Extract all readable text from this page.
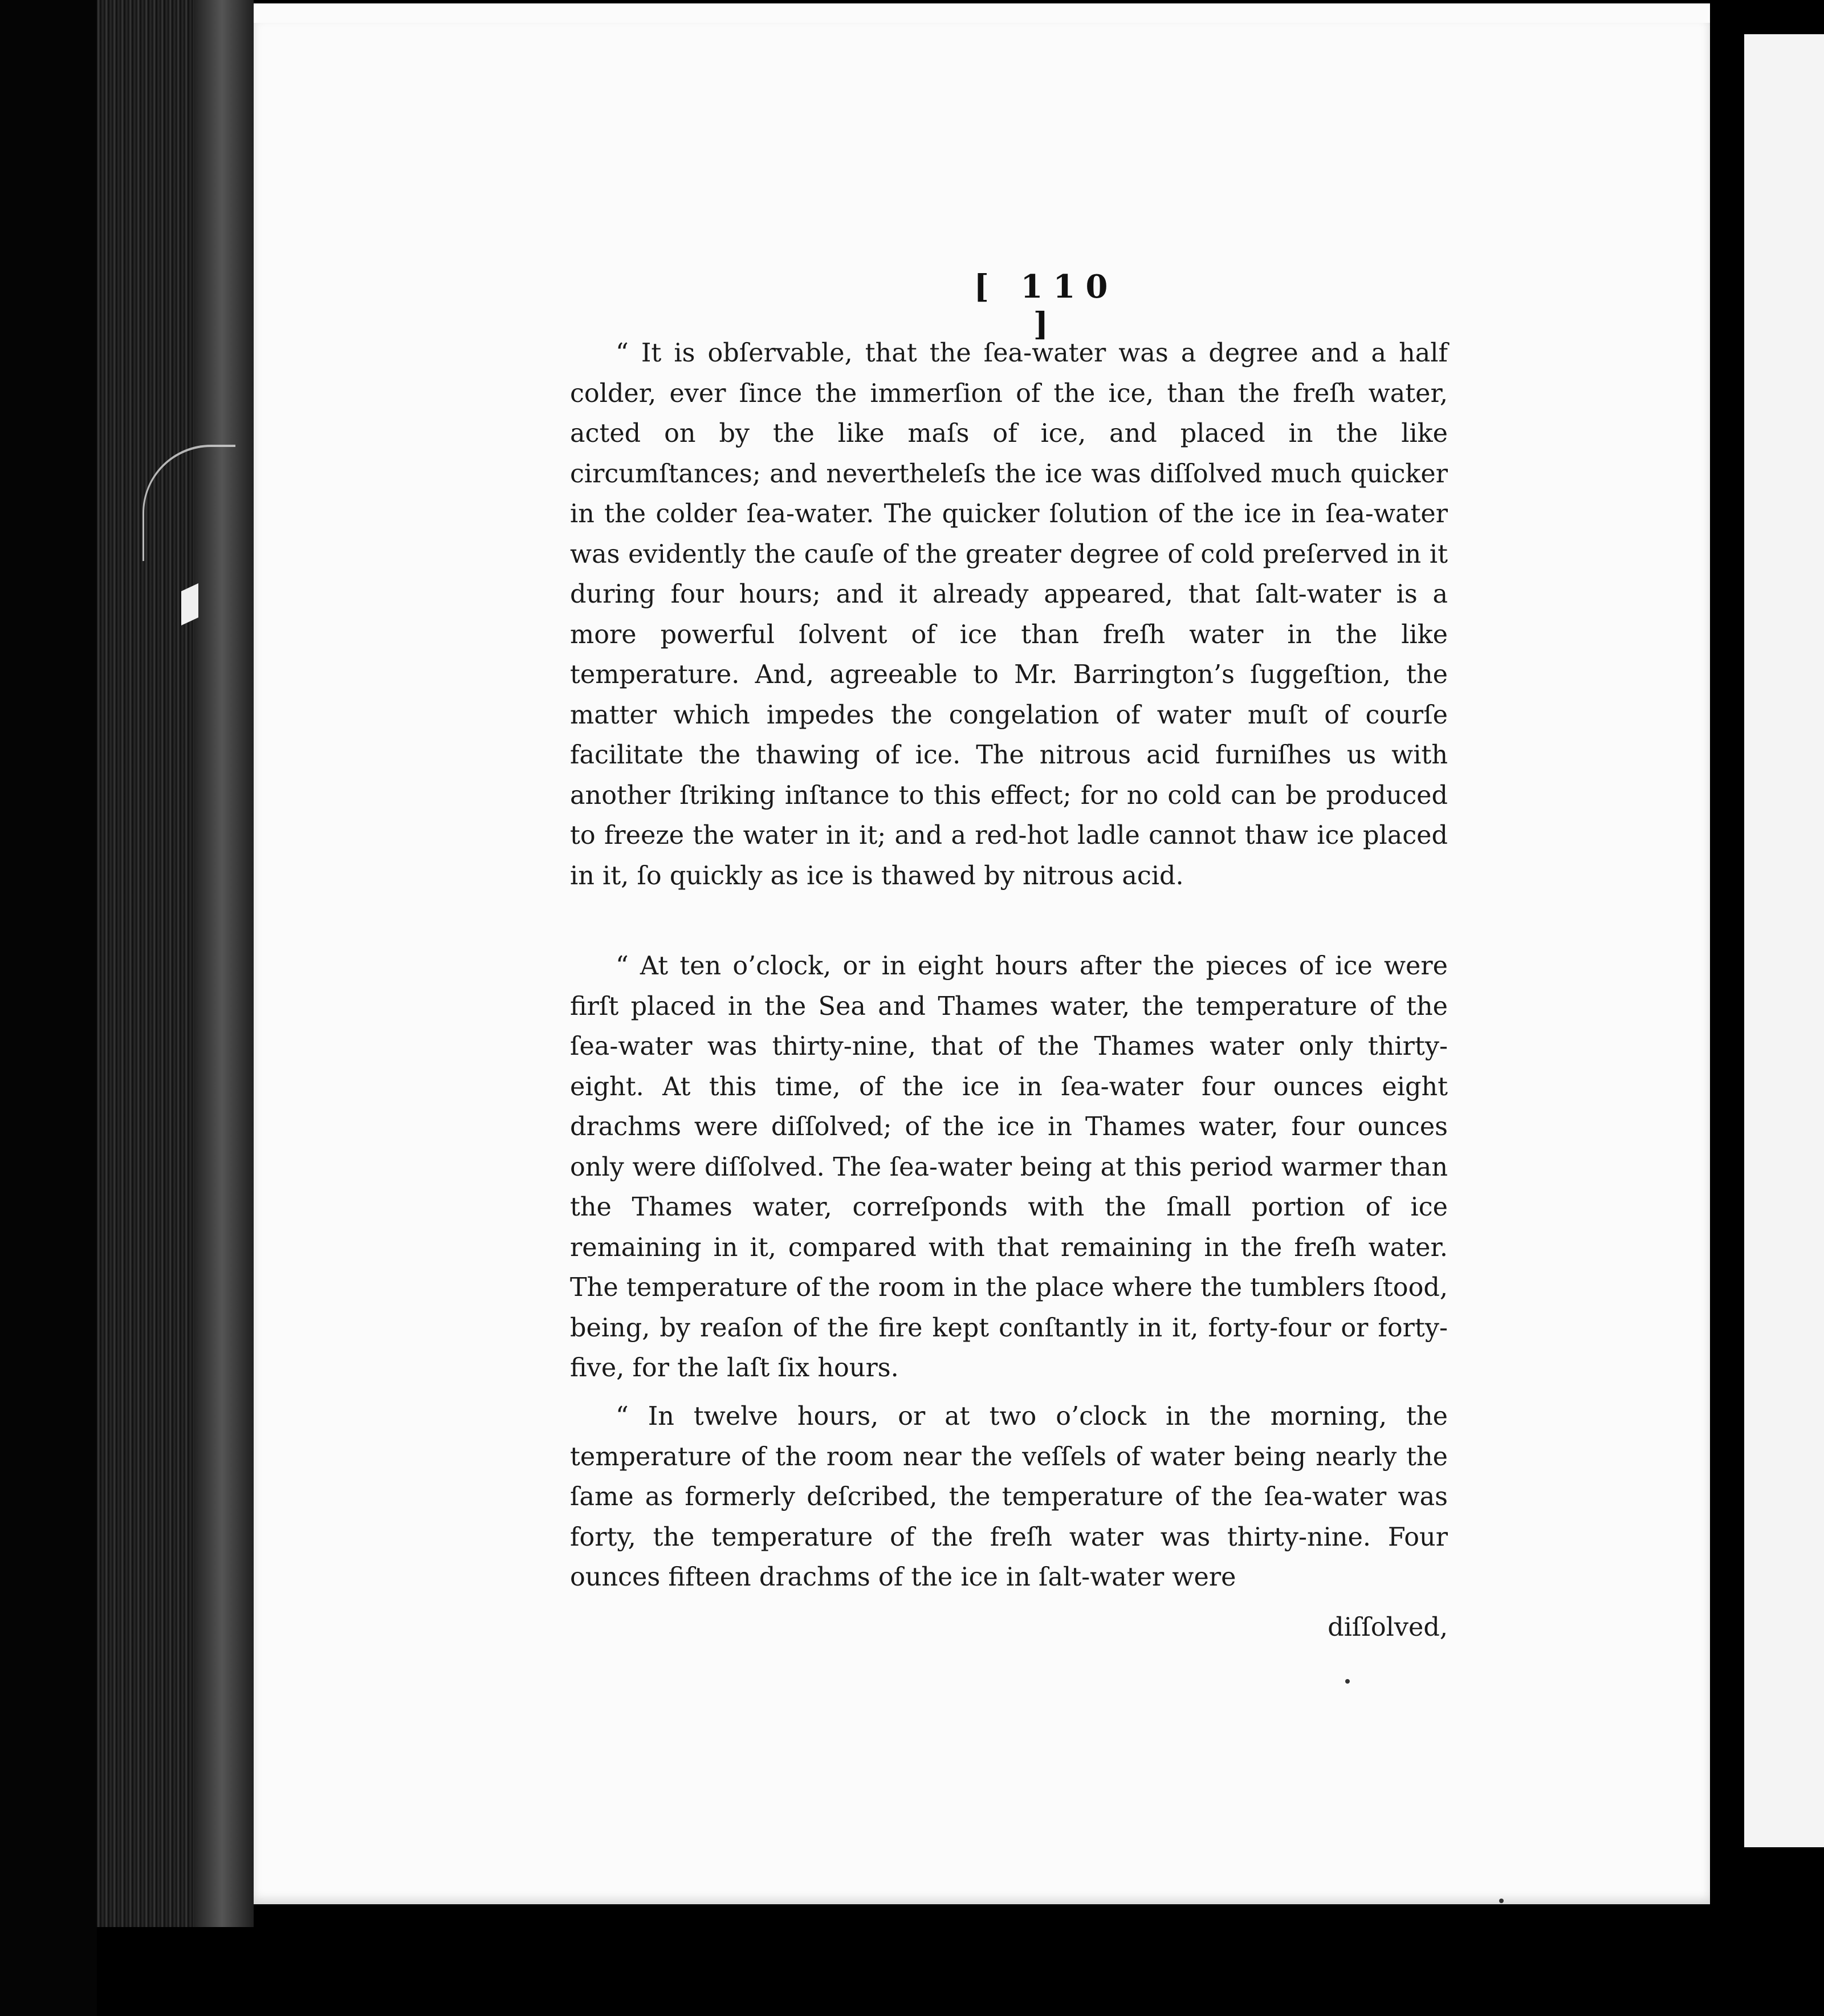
[ 110 ]

“ It is obſervable, that the ſea-water was a degree and a half colder, ever ſince the immerſion of the ice, than the freſh water, acted on by the like maſs of ice, and placed in the like circumſtances; and nevertheleſs the ice was diſſolved much quicker in the colder ſea-water. The quicker ſolution of the ice in ſea-water was evidently the cauſe of the greater degree of cold preſerved in it during four hours; and it already appeared, that ſalt-water is a more powerful ſolvent of ice than freſh water in the like temperature. And, agreeable to Mr. Barrington’s ſuggeſtion, the matter which impedes the congelation of water muſt of courſe facilitate the thawing of ice. The nitrous acid furniſhes us with another ſtriking inſtance to this effect; for no cold can be produced to freeze the water in it; and a red-hot ladle cannot thaw ice placed in it, ſo quickly as ice is thawed by nitrous acid.

“ At ten o’clock, or in eight hours after the pieces of ice were firſt placed in the Sea and Thames water, the temperature of the ſea-water was thirty-nine, that of the Thames water only thirty-eight. At this time, of the ice in ſea-water four ounces eight drachms were diſſolved; of the ice in Thames water, four ounces only were diſſolved. The ſea-water being at this period warmer than the Thames water, correſponds with the ſmall portion of ice remaining in it, compared with that remaining in the freſh water. The temperature of the room in the place where the tumblers ſtood, being, by reaſon of the fire kept conſtantly in it, forty-four or forty-five, for the laſt ſix hours.

“ In twelve hours, or at two o’clock in the morning, the temperature of the room near the veſſels of water being nearly the ſame as formerly deſcribed, the temperature of the ſea-water was forty, the temperature of the freſh water was thirty-nine. Four ounces fifteen drachms of the ice in ſalt-water were

diſſolved,
